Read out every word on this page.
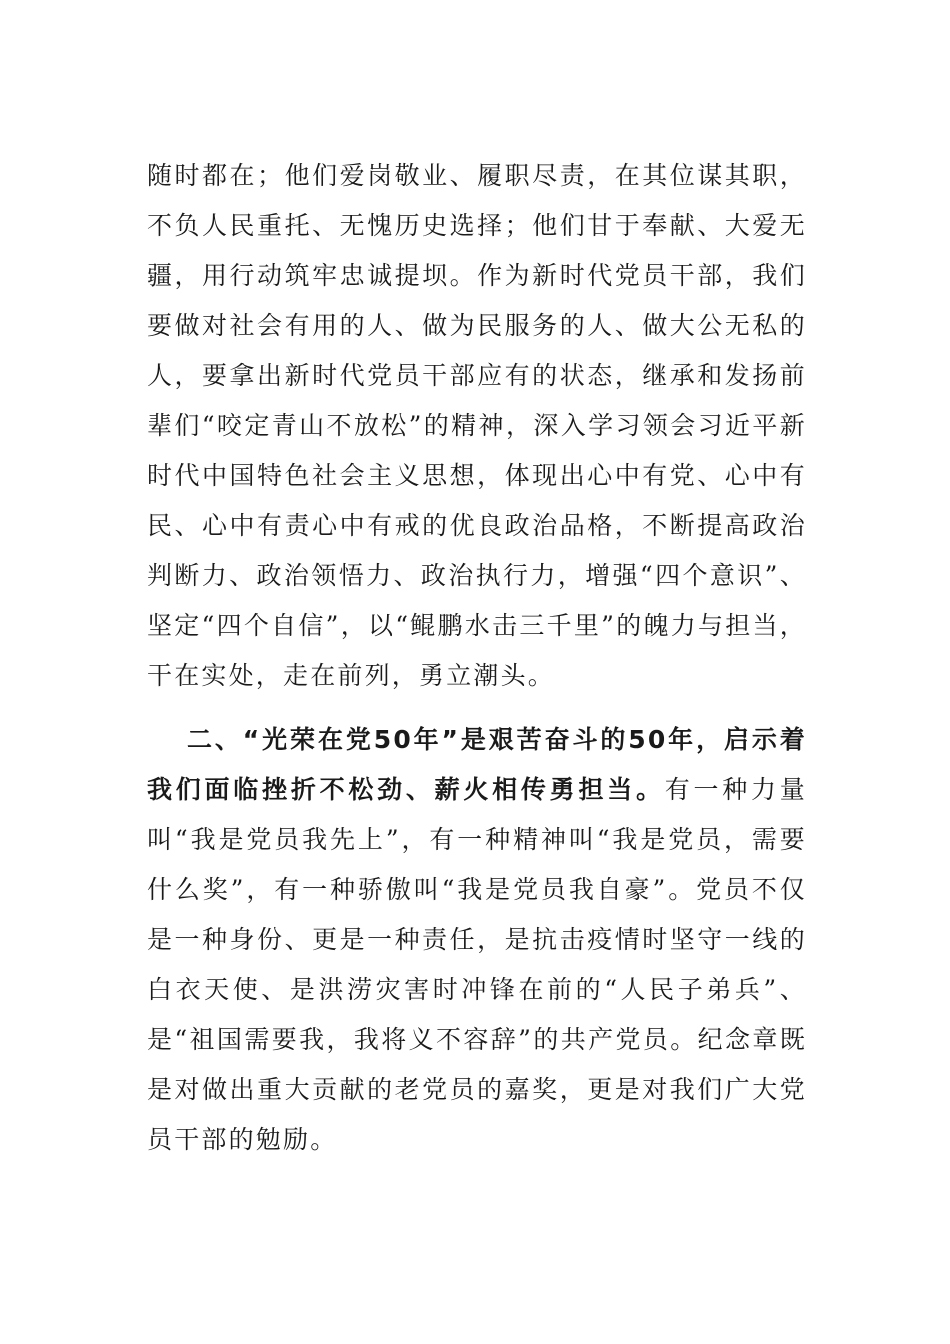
随时都在；他们爱岗敬业、履职尽责，在其位谋其职，不负人民重托、无愧历史选择；他们甘于奉献、大爱无疆，用行动筑牢忠诚提坝。作为新时代党员干部，我们要做对社会有用的人、做为民服务的人、做大公无私的人，要拿出新时代党员干部应有的状态，继承和发扬前辈们“咬定青山不放松”的精神，深入学习领会习近平新时代中国特色社会主义思想，体现出心中有党、心中有民、心中有责心中有戒的优良政治品格，不断提高政治判断力、政治领悟力、政治执行力，增强“四个意识”、坚定“四个自信”，以“鲲鹏水击三千里”的魄力与担当，干在实处，走在前列，勇立潮头。

二、“光荣在党50年”是艰苦奋斗的50年，启示着我们面临挫折不松劲、薪火相传勇担当。有一种力量叫“我是党员我先上”，有一种精神叫“我是党员，需要什么奖”，有一种骄傲叫“我是党员我自豪”。党员不仅是一种身份、更是一种责任，是抗击疫情时坚守一线的白衣天使、是洪涝灾害时冲锋在前的“人民子弟兵”、是“祖国需要我，我将义不容辞”的共产党员。纪念章既是对做出重大贡献的老党员的嘉奖，更是对我们广大党员干部的勉励。
